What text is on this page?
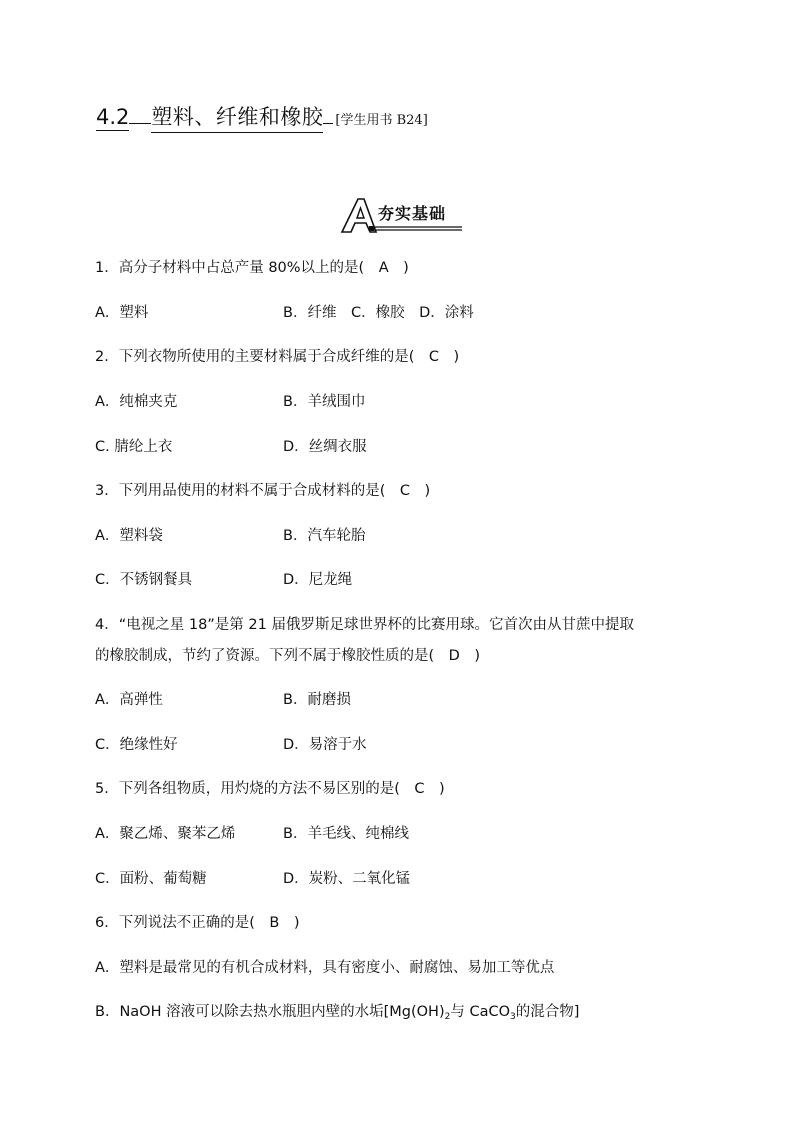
4.2 塑料、纤维和橡胶 [学生用书 B24]
A
夯实基础
1．高分子材料中占总产量 80%以上的是(　A　)
A．塑料	B．纤维　C．橡胶　D．涂料
2．下列衣物所使用的主要材料属于合成纤维的是(　C　)
A．纯棉夹克	B．羊绒围巾
C. 腈纶上衣	D．丝绸衣服
3．下列用品使用的材料不属于合成材料的是(　C　)
A．塑料袋	B．汽车轮胎
C．不锈钢餐具	D．尼龙绳
4．“电视之星 18”是第 21 届俄罗斯足球世界杯的比赛用球。它首次由从甘蔗中提取
的橡胶制成，节约了资源。下列不属于橡胶性质的是(　D　)
A．高弹性	B．耐磨损
C．绝缘性好	D．易溶于水
5．下列各组物质，用灼烧的方法不易区别的是(　C　)
A．聚乙烯、聚苯乙烯	B．羊毛线、纯棉线
C．面粉、葡萄糖	D．炭粉、二氧化锰
6．下列说法不正确的是(　B　)
A．塑料是最常见的有机合成材料，具有密度小、耐腐蚀、易加工等优点
B．NaOH 溶液可以除去热水瓶胆内壁的水垢[$Mg(OH)_2$与 CaCO$_3$的混合物]
